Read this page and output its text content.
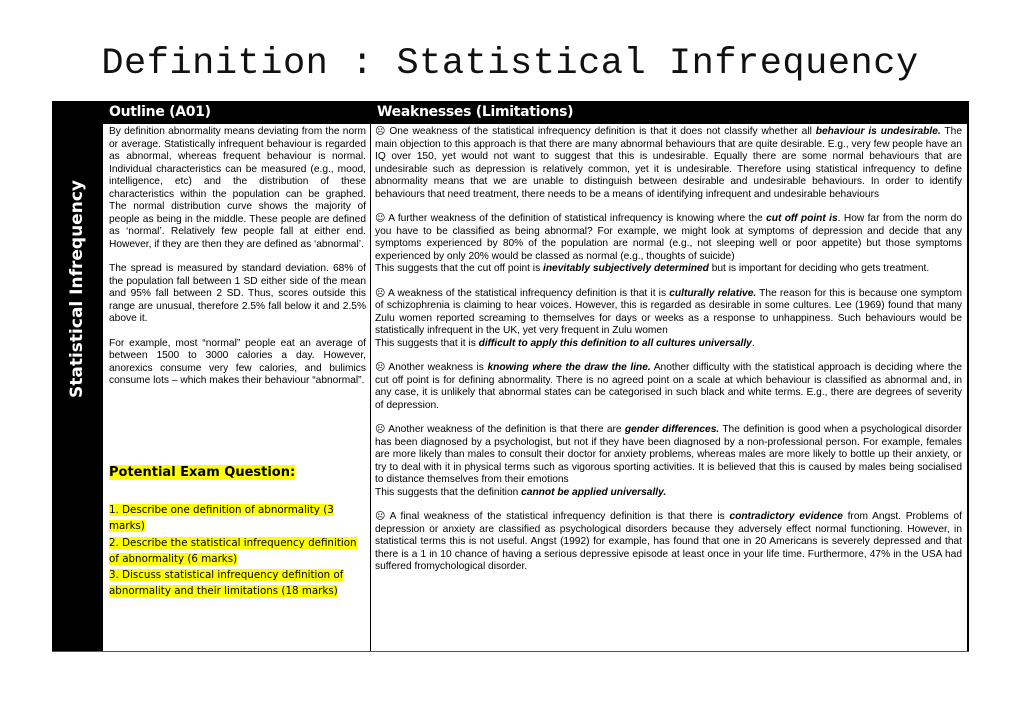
Definition : Statistical Infrequency
Statistical Infrequency
Outline (A01)

By definition abnormality means deviating from the norm or average. Statistically infrequent behaviour is regarded as abnormal, whereas frequent behaviour is normal. Individual characteristics can be measured (e.g., mood, intelligence, etc) and the distribution of these characteristics within the population can be graphed. The normal distribution curve shows the majority of people as being in the middle. These people are defined as ‘normal’. Relatively few people fall at either end. However, if they are then they are defined as ‘abnormal’.

The spread is measured by standard deviation. 68% of the population fall between 1 SD either side of the mean and 95% fall between 2 SD. Thus, scores outside this range are unusual, therefore 2.5% fall below it and 2.5% above it.

For example, most “normal” people eat an average of between 1500 to 3000 calories a day. However, anorexics consume very few calories, and bulimics consume lots – which makes their behaviour “abnormal”.

Potential Exam Question:
1. Describe one definition of abnormality (3 marks)
2. Describe the statistical infrequency definition of abnormality (6 marks)
3. Discuss statistical infrequency definition of abnormality and their limitations (18 marks)
Weaknesses (Limitations)

☹ One weakness of the statistical infrequency definition is that it does not classify whether all behaviour is undesirable. The main objection to this approach is that there are many abnormal behaviours that are quite desirable. E.g., very few people have an IQ over 150, yet would not want to suggest that this is undesirable. Equally there are some normal behaviours that are undesirable such as depression is relatively common, yet it is undesirable. Therefore using statistical infrequency to define abnormality means that we are unable to distinguish between desirable and undesirable behaviours. In order to identify behaviours that need treatment, there needs to be a means of identifying infrequent and undesirable behaviours

☺ A further weakness of the definition of statistical infrequency is knowing where the cut off point is. How far from the norm do you have to be classified as being abnormal? For example, we might look at symptoms of depression and decide that any symptoms experienced by 80% of the population are normal (e.g., not sleeping well or poor appetite) but those symptoms experienced by only 20% would be classed as normal (e.g., thoughts of suicide)
This suggests that the cut off point is inevitably subjectively determined but is important for deciding who gets treatment.

☹ A weakness of the statistical infrequency definition is that it is culturally relative. The reason for this is because one symptom of schizophrenia is claiming to hear voices. However, this is regarded as desirable in some cultures. Lee (1969) found that many Zulu women reported screaming to themselves for days or weeks as a response to unhappiness. Such behaviours would be statistically infrequent in the UK, yet very frequent in Zulu women
This suggests that it is difficult to apply this definition to all cultures universally.

☹ Another weakness is knowing where the draw the line. Another difficulty with the statistical approach is deciding where the cut off point is for defining abnormality. There is no agreed point on a scale at which behaviour is classified as abnormal and, in any case, it is unlikely that abnormal states can be categorised in such black and white terms. E.g., there are degrees of severity of depression.

☹ Another weakness of the definition is that there are gender differences. The definition is good when a psychological disorder has been diagnosed by a psychologist, but not if they have been diagnosed by a non-professional person. For example, females are more likely than males to consult their doctor for anxiety problems, whereas males are more likely to bottle up their anxiety, or try to deal with it in physical terms such as vigorous sporting activities. It is believed that this is caused by males being socialised to distance themselves from their emotions
This suggests that the definition cannot be applied universally.

☹ A final weakness of the statistical infrequency definition is that there is contradictory evidence from Angst. Problems of depression or anxiety are classified as psychological disorders because they adversely effect normal functioning. However, in statistical terms this is not useful. Angst (1992) for example, has found that one in 20 Americans is severely depressed and that there is a 1 in 10 chance of having a serious depressive episode at least once in your life time. Furthermore, 47% in the USA had suffered fromychological disorder.
